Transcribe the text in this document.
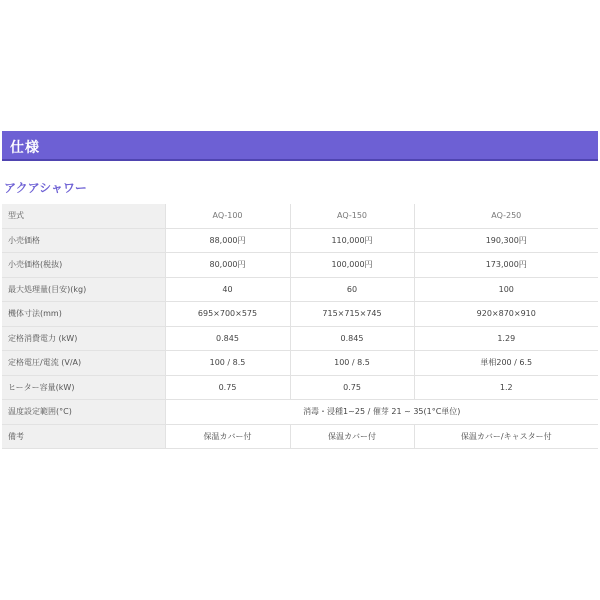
仕様
アクアシャワー
型式	AQ-100	AQ-150	AQ-250
小売価格	88,000円	110,000円	190,300円
小売価格(税抜)	80,000円	100,000円	173,000円
最大処理量(目安)(kg)	40	60	100
機体寸法(mm)	695×700×575	715×715×745	920×870×910
定格消費電力 (kW)	0.845	0.845	1.29
定格電圧/電流 (V/A)	100 / 8.5	100 / 8.5	単相200 / 6.5
ヒーター容量(kW)	0.75	0.75	1.2
温度設定範囲(°C)	消毒・浸種1~25 / 催芽 21 ~ 35(1°C単位)		
備考	保温カバー付	保温カバー付	保温カバー/キャスター付
